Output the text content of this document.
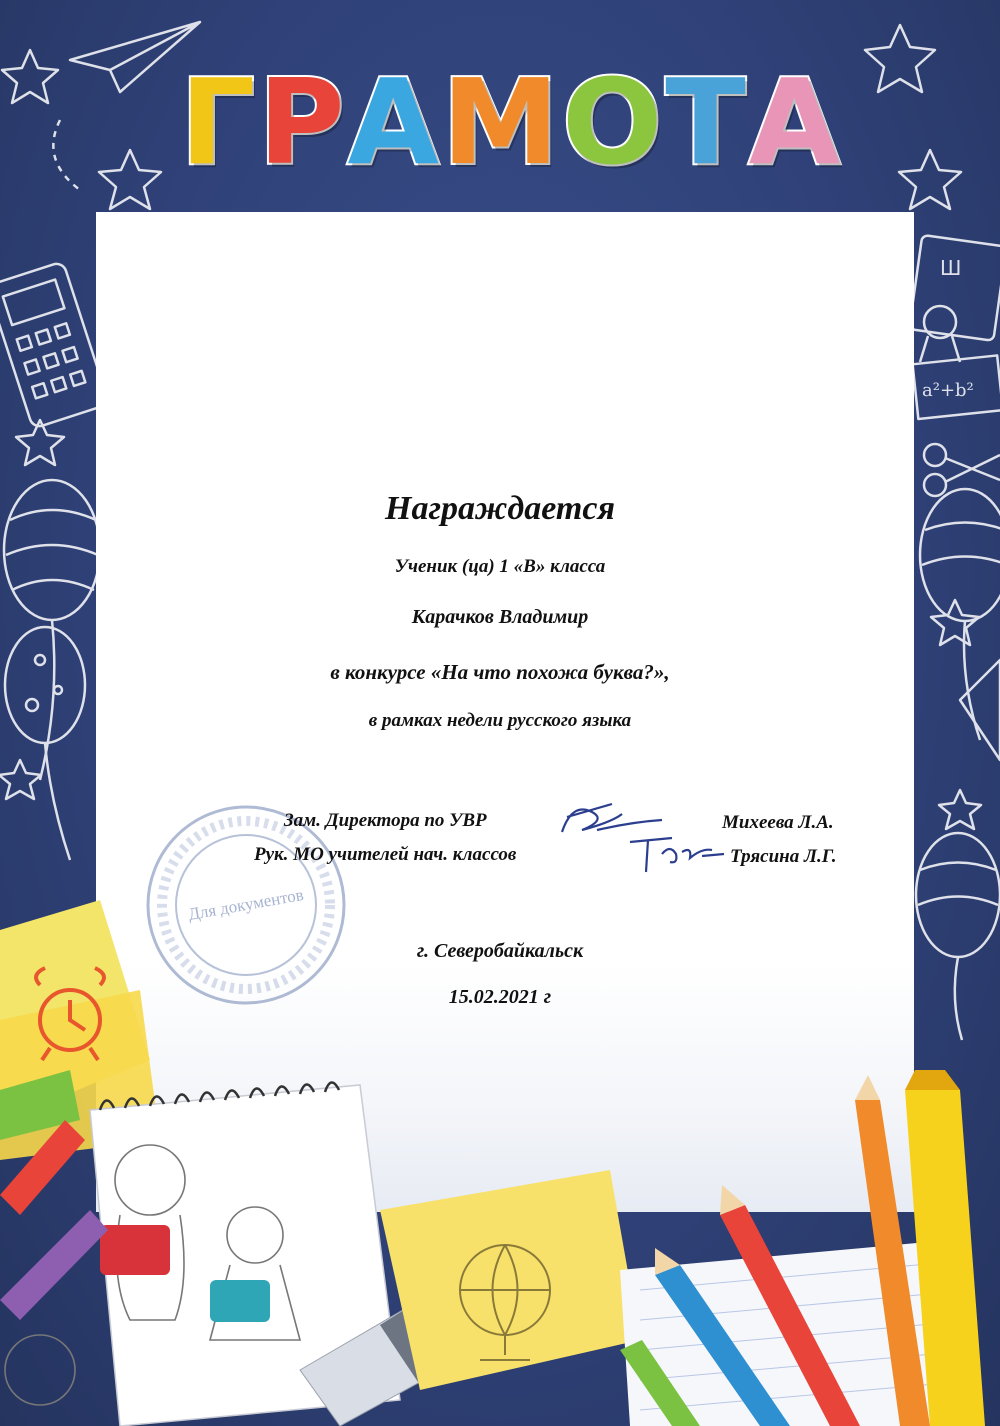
Ш
a²+b²
Г Р А М О Т А
Для документов
Награждается
Ученик (ца) 1 «В» класса
Карачков Владимир
в конкурсе «На что похожа буква?»,
в рамках недели русского языка
Зам. Директора по УВР	Михеева Л.А.
Рук. МО учителей нач. классов	Трясина Л.Г.
г. Северобайкальск
15.02.2021 г
